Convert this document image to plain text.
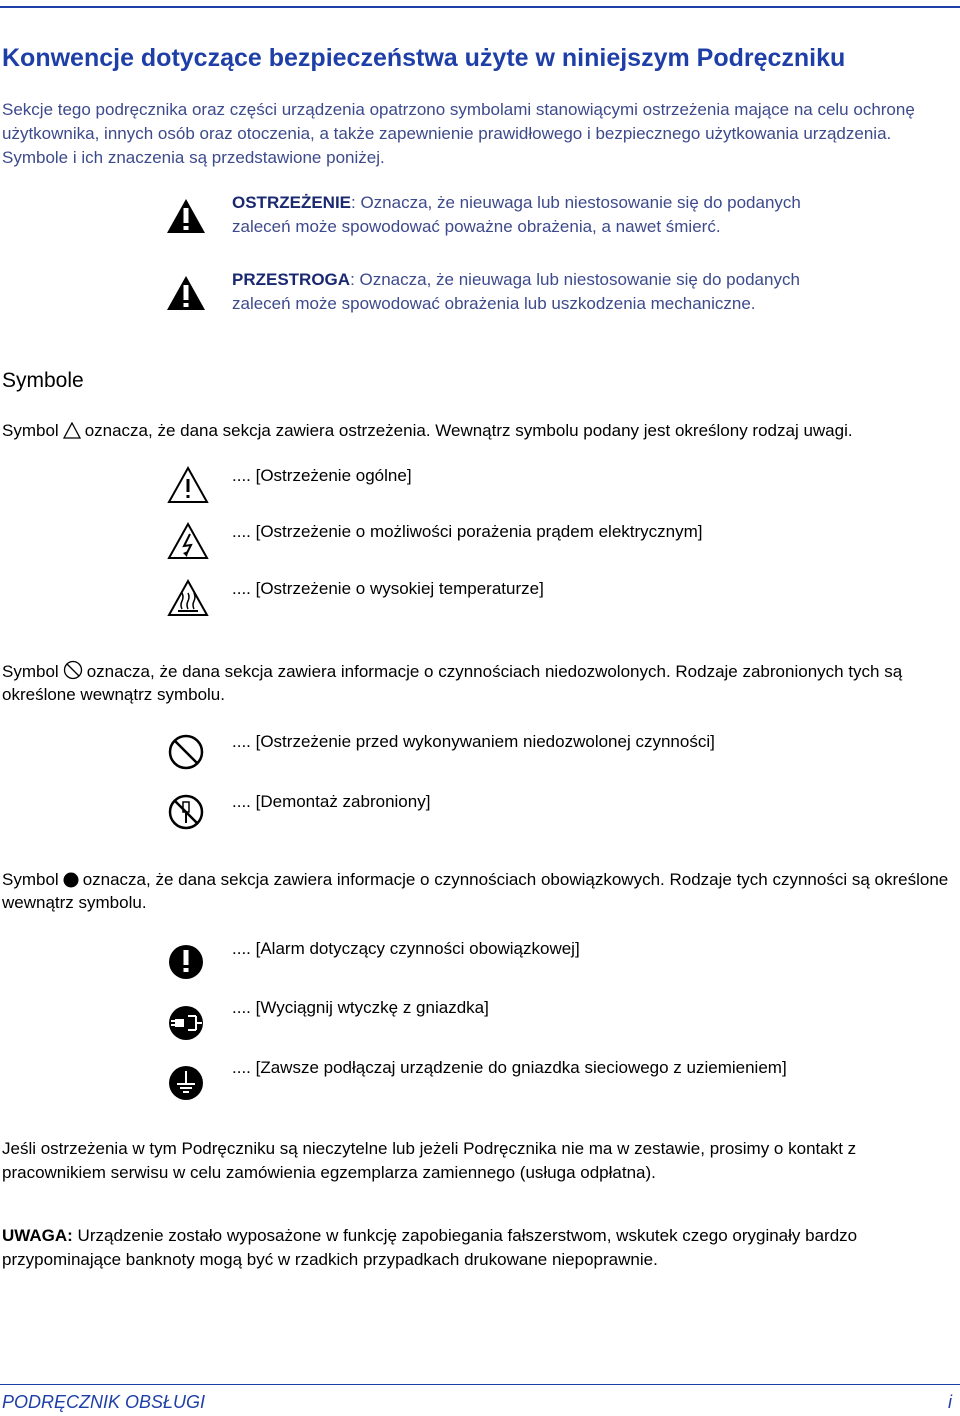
Konwencje dotyczące bezpieczeństwa użyte w niniejszym Podręczniku

Sekcje tego podręcznika oraz części urządzenia opatrzono symbolami stanowiącymi ostrzeżenia mające na celu ochronę użytkownika, innych osób oraz otoczenia, a także zapewnienie prawidłowego i bezpiecznego użytkowania urządzenia. Symbole i ich znaczenia są przedstawione poniżej.

OSTRZEŻENIE: Oznacza, że nieuwaga lub niestosowanie się do podanych zaleceń może spowodować poważne obrażenia, a nawet śmierć.

PRZESTROGA: Oznacza, że nieuwaga lub niestosowanie się do podanych zaleceń może spowodować obrażenia lub uszkodzenia mechaniczne.

Symbole

Symbol oznacza, że dana sekcja zawiera ostrzeżenia. Wewnątrz symbolu podany jest określony rodzaj uwagi.

.... [Ostrzeżenie ogólne]
.... [Ostrzeżenie o możliwości porażenia prądem elektrycznym]
.... [Ostrzeżenie o wysokiej temperaturze]

Symbol oznacza, że dana sekcja zawiera informacje o czynnościach niedozwolonych. Rodzaje zabronionych tych są określone wewnątrz symbolu.

.... [Ostrzeżenie przed wykonywaniem niedozwolonej czynności]
.... [Demontaż zabroniony]

Symbol oznacza, że dana sekcja zawiera informacje o czynnościach obowiązkowych. Rodzaje tych czynności są określone wewnątrz symbolu.

.... [Alarm dotyczący czynności obowiązkowej]
.... [Wyciągnij wtyczkę z gniazdka]
.... [Zawsze podłączaj urządzenie do gniazdka sieciowego z uziemieniem]

Jeśli ostrzeżenia w tym Podręczniku są nieczytelne lub jeżeli Podręcznika nie ma w zestawie, prosimy o kontakt z pracownikiem serwisu w celu zamówienia egzemplarza zamiennego (usługa odpłatna).

UWAGA: Urządzenie zostało wyposażone w funkcję zapobiegania fałszerstwom, wskutek czego oryginały bardzo przypominające banknoty mogą być w rzadkich przypadkach drukowane niepoprawnie.

PODRĘCZNIK OBSŁUGI	i
